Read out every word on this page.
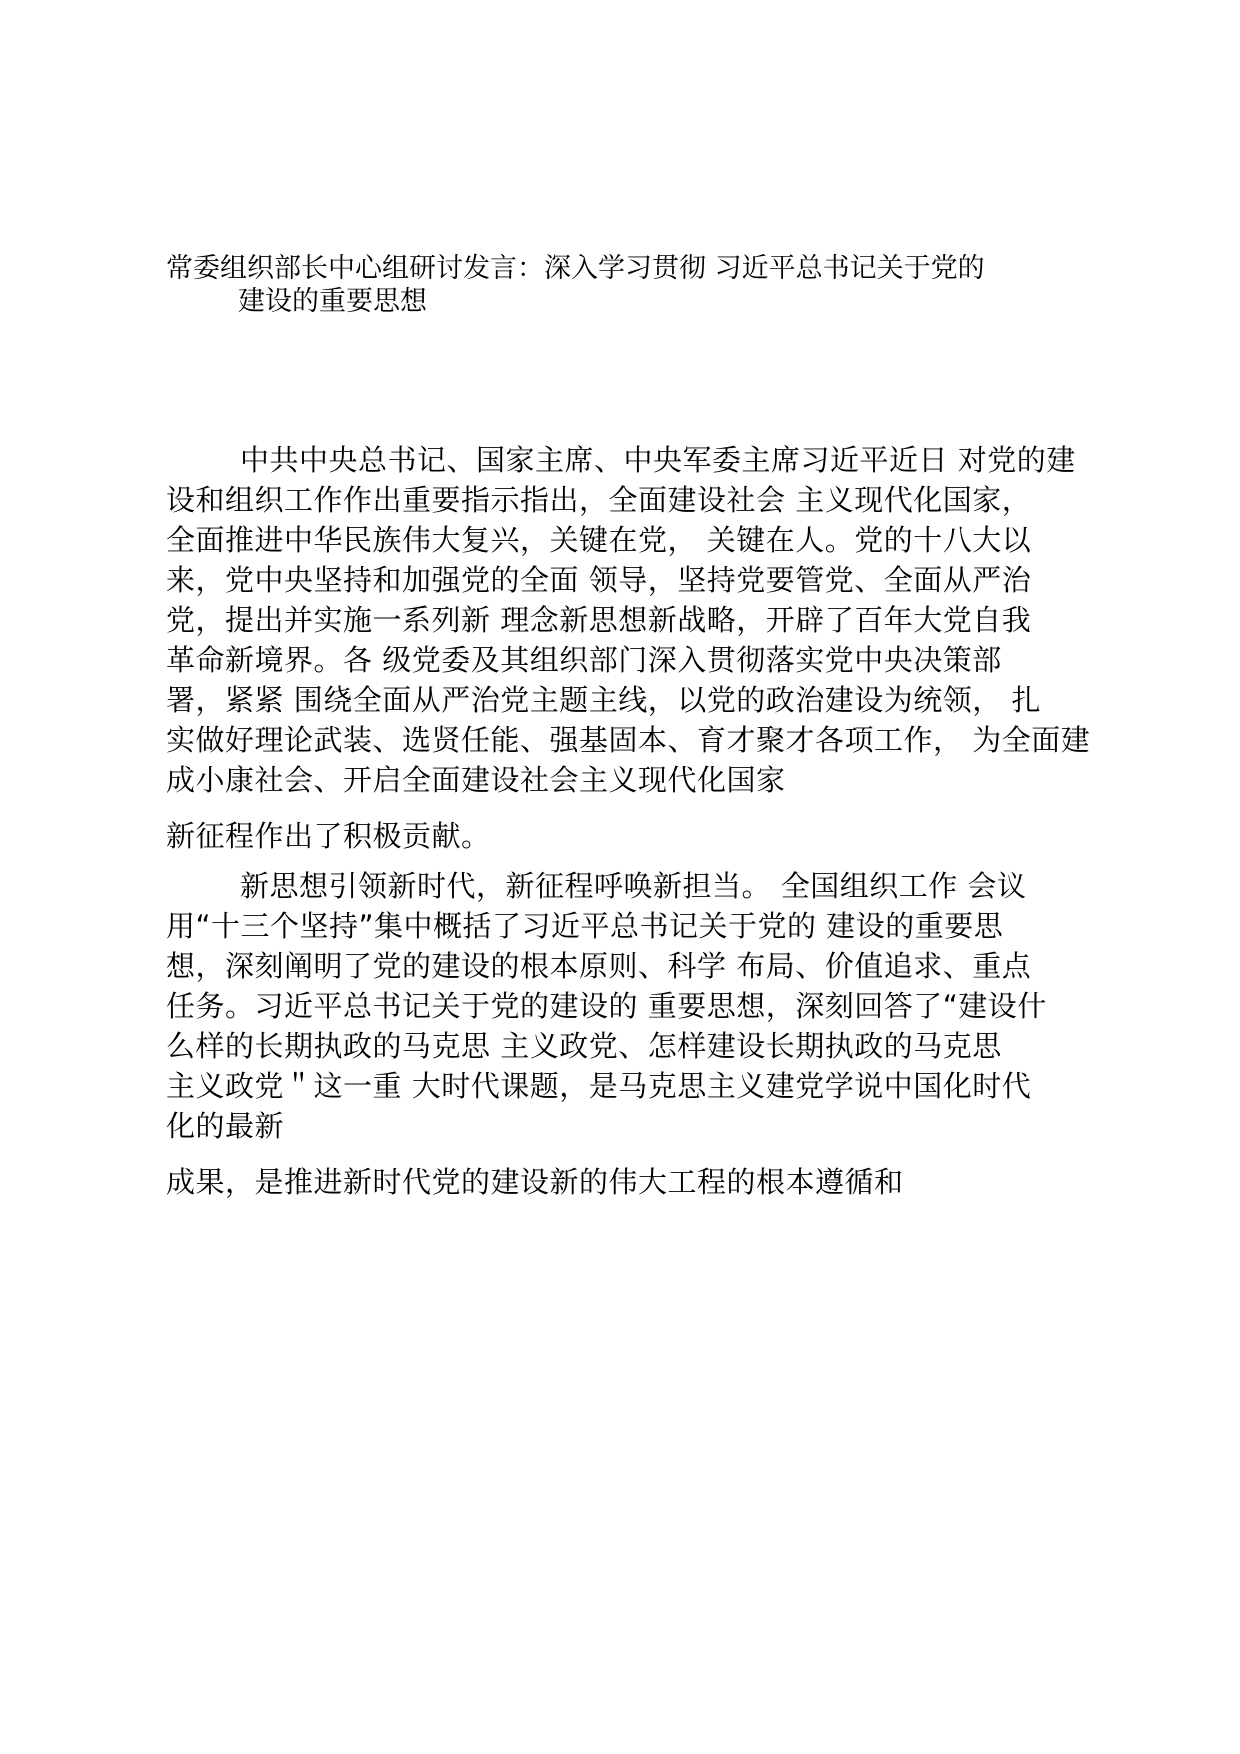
常委组织部长中心组研讨发言：深入学习贯彻 习近平总书记关于党的
建设的重要思想
中共中央总书记、国家主席、中央军委主席习近平近日 对党的建
设和组织工作作出重要指示指出，全面建设社会 主义现代化国家，
全面推进中华民族伟大复兴，关键在党， 关键在人。党的十八大以
来，党中央坚持和加强党的全面 领导，坚持党要管党、全面从严治
党，提出并实施一系列新 理念新思想新战略，开辟了百年大党自我
革命新境界。各 级党委及其组织部门深入贯彻落实党中央决策部
署，紧紧 围绕全面从严治党主题主线，以党的政治建设为统领， 扎
实做好理论武装、选贤任能、强基固本、育才聚才各项工作， 为全面建
成小康社会、开启全面建设社会主义现代化国家
新征程作出了积极贡献。
新思想引领新时代，新征程呼唤新担当。 全国组织工作 会议
用“十三个坚持”集中概括了习近平总书记关于党的 建设的重要思
想，深刻阐明了党的建设的根本原则、科学 布局、价值追求、重点
任务。习近平总书记关于党的建设的 重要思想，深刻回答了“建设什
么样的长期执政的马克思 主义政党、怎样建设长期执政的马克思
主义政党＂这一重 大时代课题，是马克思主义建党学说中国化时代
化的最新
成果，是推进新时代党的建设新的伟大工程的根本遵循和
